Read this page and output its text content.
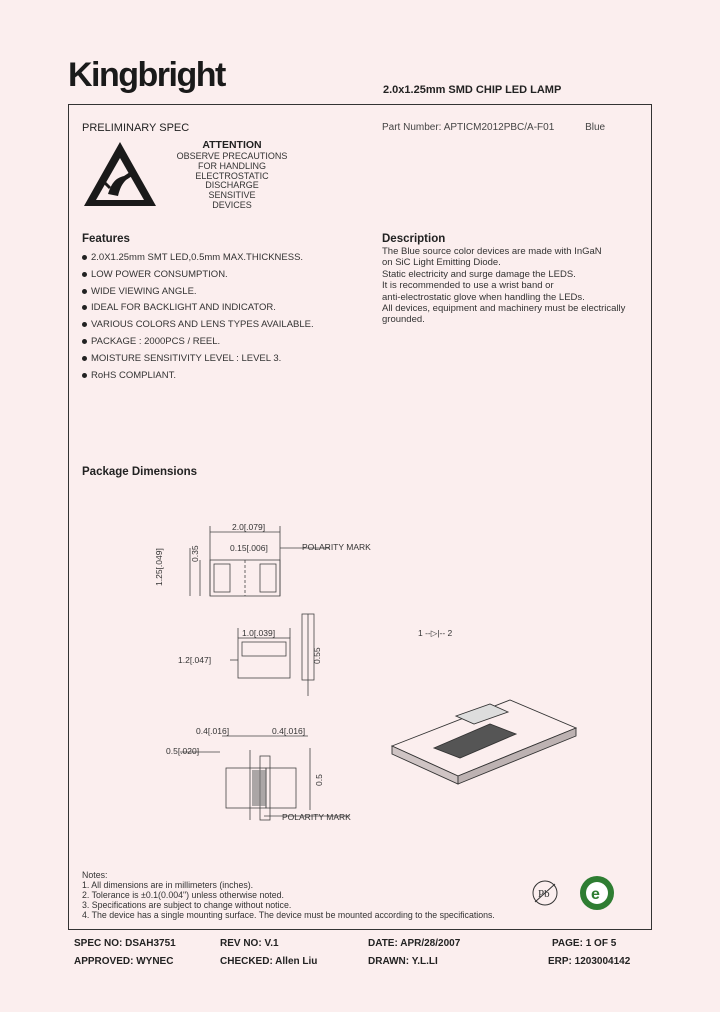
Kingbright	2.0x1.25mm SMD CHIP LED LAMP
PRELIMINARY SPEC	Part Number: APTICM2012PBC/A-F01	Blue
ATTENTION
OBSERVE PRECAUTIONS
FOR HANDLING
ELECTROSTATIC
DISCHARGE
SENSITIVE
DEVICES
Features
2.0X1.25mm SMT LED,0.5mm MAX.THICKNESS.
LOW POWER CONSUMPTION.
WIDE VIEWING ANGLE.
IDEAL FOR BACKLIGHT AND INDICATOR.
VARIOUS COLORS AND LENS TYPES AVAILABLE.
PACKAGE : 2000PCS / REEL.
MOISTURE SENSITIVITY LEVEL : LEVEL 3.
RoHS COMPLIANT.
Description
The Blue source color devices are made with InGaN
on SiC Light Emitting Diode.
Static electricity and surge damage the LEDS.
It is recommended to use a wrist band or
anti-electrostatic glove when handling the LEDs.
All devices, equipment and machinery must be electrically
grounded.
Package Dimensions
2.0[.079]
0.15[.006]	POLARITY MARK
1.25[.049]	0.35
1.0[.039]
1.2[.047]	0.55
1 --▷|-- 2
0.4[.016]	0.4[.016]
0.5[.020]
0.5
POLARITY MARK
Notes:
1. All dimensions are in millimeters (inches).
2. Tolerance is ±0.1(0.004") unless otherwise noted.
3. Specifications are subject to change without notice.
4. The device has a single mounting surface. The device must be mounted according to the specifications.
Pb	e
SPEC NO: DSAH3751	REV NO: V.1	DATE: APR/28/2007	PAGE: 1 OF 5
APPROVED: WYNEC	CHECKED: Allen Liu	DRAWN: Y.L.LI	ERP: 1203004142
